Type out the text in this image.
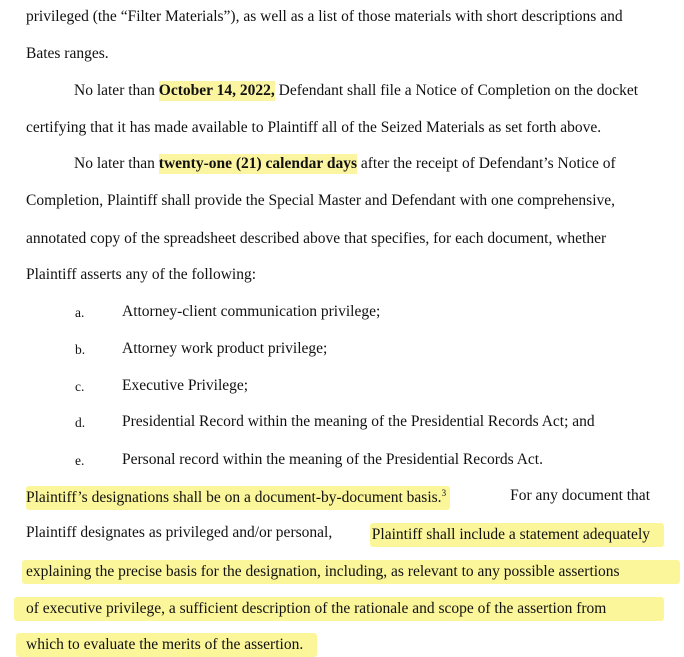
privileged (the “Filter Materials”), as well as a list of those materials with short descriptions and
Bates ranges.
No later than October 14, 2022, Defendant shall file a Notice of Completion on the docket
certifying that it has made available to Plaintiff all of the Seized Materials as set forth above.
No later than twenty-one (21) calendar days after the receipt of Defendant’s Notice of
Completion, Plaintiff shall provide the Special Master and Defendant with one comprehensive,
annotated copy of the spreadsheet described above that specifies, for each document, whether
Plaintiff asserts any of the following:
a. Attorney-client communication privilege;
b. Attorney work product privilege;
c. Executive Privilege;
d. Presidential Record within the meaning of the Presidential Records Act; and
e. Personal record within the meaning of the Presidential Records Act.
Plaintiff’s designations shall be on a document-by-document basis.$^3$	For any document that
Plaintiff designates as privileged and/or personal, Plaintiff shall include a statement adequately
explaining the precise basis for the designation, including, as relevant to any possible assertions
of executive privilege, a sufficient description of the rationale and scope of the assertion from
which to evaluate the merits of the assertion.
